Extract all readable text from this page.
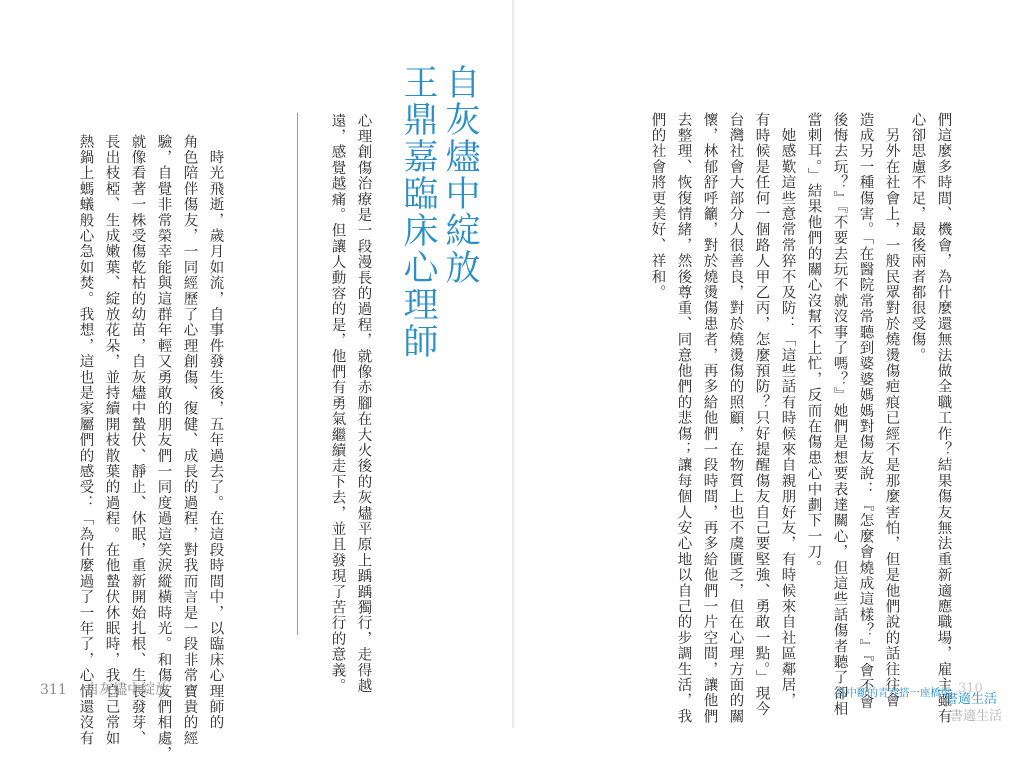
們這麼多時間、機會，為什麼還無法做全職工作？結果傷友無法重新適應職場，雇主雖有
心卻思慮不足，最後兩者都很受傷。
　另外在社會上，一般民眾對於燒燙傷疤痕已經不是那麼害怕，但是他們說的話往往會
造成另一種傷害。「在醫院常常聽到婆婆媽媽對傷友說：『怎麼會燒成這樣？』『會不會
後悔去玩？』『不要去玩不就沒事了嗎？』她們是想要表達關心，但這些話傷者聽了卻相
當刺耳。」結果他們的關心沒幫不上忙，反而在傷患心中劃下一刀。
　她感歎這些意常常猝不及防：「這些話有時候來自親朋好友，有時候來自社區鄰居，
有時候是任何一個路人甲乙丙，怎麼預防？只好提醒傷友自己要堅強、勇敢一點。」現今
台灣社會大部分人很善良，對於燒燙傷的照顧，在物質上也不虞匱乏，但在心理方面的關
懷，林郁舒呼籲，對於燒燙傷患者，再多給他們一段時間，再多給他們一片空間，讓他們
去整理、恢復情緒，然後尊重、同意他們的悲傷；讓每個人安心地以自己的步調生活，我
們的社會將更美好、祥和。
自灰燼中綻放
王鼎嘉臨床心理師
心理創傷治療是一段漫長的過程，就像赤腳在大火後的灰燼平原上踽踽獨行，走得越
遠，感覺越痛。但讓人動容的是，他們有勇氣繼續走下去，並且發現了苦行的意義。
　時光飛逝，歲月如流，自事件發生後，五年過去了。在這段時間中，以臨床心理師的
角色陪伴傷友，一同經歷了心理創傷、復健、成長的過程，對我而言是一段非常寶貴的經
驗，自覺非常榮幸能與這群年輕又勇敢的朋友們一同度過這笑淚縱橫時光。和傷友們相處，
就像看著一株受傷乾枯的幼苗，自灰燼中蟄伏、靜止、休眠，重新開始扎根、生長發芽、
長出枝椏、生成嫩葉、綻放花朵，並持續開枝散葉的過程。在他蟄伏休眠時，我自己常如
熱鍋上螞蟻般心急如焚。我想，這也是家屬們的感受：「為什麼過了一年了，心情還沒有
311 自灰燼中綻放	為中斷的青春搭一座橋梁 310
書適生活
書適生活
